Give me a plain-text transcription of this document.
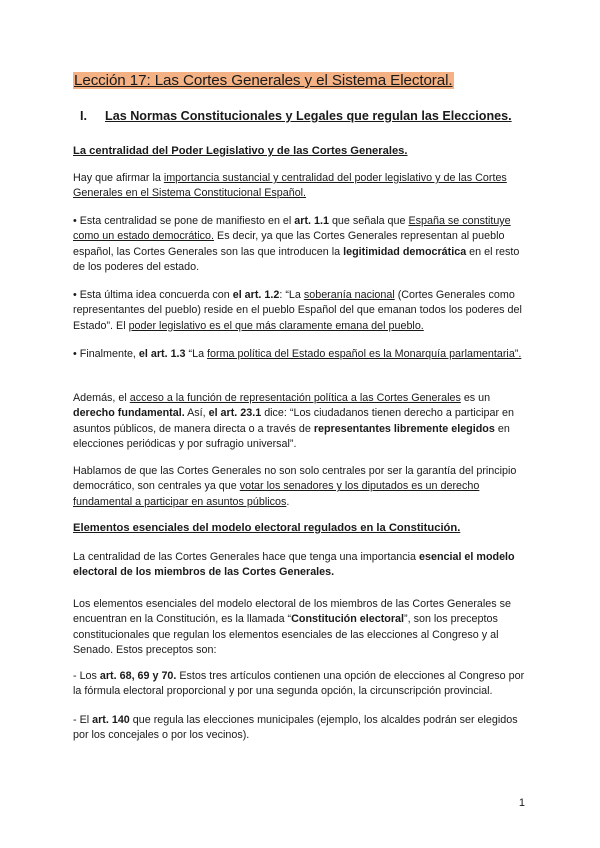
Lección 17: Las Cortes Generales y el Sistema Electoral.
I. Las Normas Constitucionales y Legales que regulan las Elecciones.
La centralidad del Poder Legislativo y de las Cortes Generales.

Hay que afirmar la importancia sustancial y centralidad del poder legislativo y de las Cortes Generales en el Sistema Constitucional Español.

• Esta centralidad se pone de manifiesto en el art. 1.1 que señala que España se constituye como un estado democrático. Es decir, ya que las Cortes Generales representan al pueblo español, las Cortes Generales son las que introducen la legitimidad democrática en el resto de los poderes del estado.

• Esta última idea concuerda con el art. 1.2: “La soberanía nacional (Cortes Generales como representantes del pueblo) reside en el pueblo Español del que emanan todos los poderes del Estado”. El poder legislativo es el que más claramente emana del pueblo.

• Finalmente, el art. 1.3 “La forma política del Estado español es la Monarquía parlamentaria”.

Además, el acceso a la función de representación política a las Cortes Generales es un derecho fundamental. Así, el art. 23.1 dice: “Los ciudadanos tienen derecho a participar en asuntos públicos, de manera directa o a través de representantes libremente elegidos en elecciones periódicas y por sufragio universal”.

Hablamos de que las Cortes Generales no son solo centrales por ser la garantía del principio democrático, son centrales ya que votar los senadores y los diputados es un derecho fundamental a participar en asuntos públicos.

Elementos esenciales del modelo electoral regulados en la Constitución.

La centralidad de las Cortes Generales hace que tenga una importancia esencial el modelo electoral de los miembros de las Cortes Generales.

Los elementos esenciales del modelo electoral de los miembros de las Cortes Generales se encuentran en la Constitución, es la llamada “Constitución electoral”, son los preceptos constitucionales que regulan los elementos esenciales de las elecciones al Congreso y al Senado. Estos preceptos son:

- Los art. 68, 69 y 70. Estos tres artículos contienen una opción de elecciones al Congreso por la fórmula electoral proporcional y por una segunda opción, la circunscripción provincial.

- El art. 140 que regula las elecciones municipales (ejemplo, los alcaldes podrán ser elegidos por los concejales o por los vecinos).

1
